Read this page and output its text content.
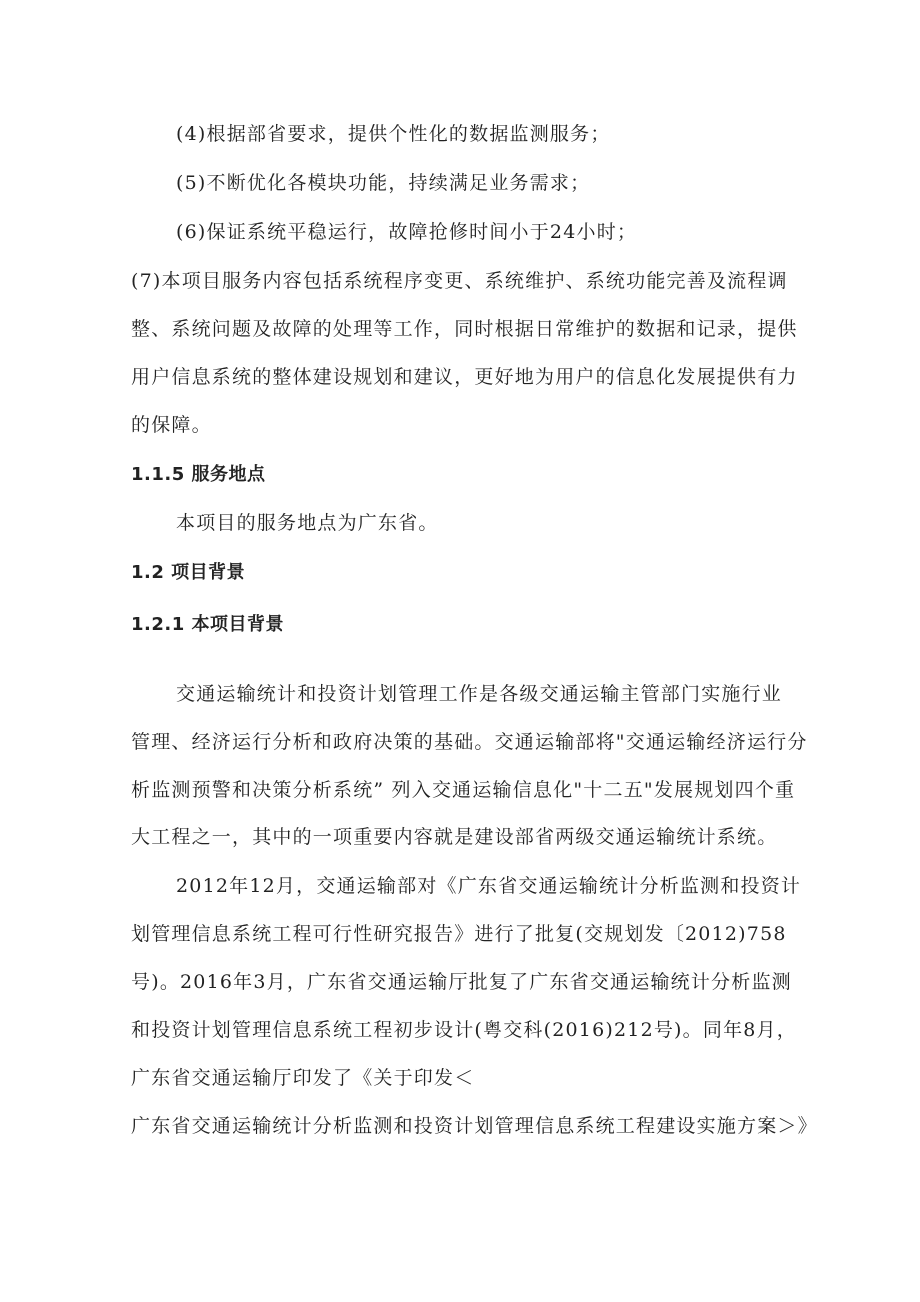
(4)根据部省要求，提供个性化的数据监测服务；

(5)不断优化各模块功能，持续满足业务需求；

(6)保证系统平稳运行，故障抢修时间小于24小时；

(7)本项目服务内容包括系统程序变更、系统维护、系统功能完善及流程调

整、系统问题及故障的处理等工作，同时根据日常维护的数据和记录，提供

用户信息系统的整体建设规划和建议，更好地为用户的信息化发展提供有力

的保障。

1.1.5 服务地点

本项目的服务地点为广东省。

1.2 项目背景

1.2.1 本项目背景

交通运输统计和投资计划管理工作是各级交通运输主管部门实施行业

管理、经济运行分析和政府决策的基础。交通运输部将"交通运输经济运行分

析监测预警和决策分析系统” 列入交通运输信息化"十二五"发展规划四个重

大工程之一，其中的一项重要内容就是建设部省两级交通运输统计系统。

2012年12月，交通运输部对《广东省交通运输统计分析监测和投资计

划管理信息系统工程可行性研究报告》进行了批复(交规划发〔2012)758

号)。2016年3月，广东省交通运输厅批复了广东省交通运输统计分析监测

和投资计划管理信息系统工程初步设计(粤交科(2016)212号)。同年8月，

广东省交通运输厅印发了《关于印发＜

广东省交通运输统计分析监测和投资计划管理信息系统工程建设实施方案＞》
